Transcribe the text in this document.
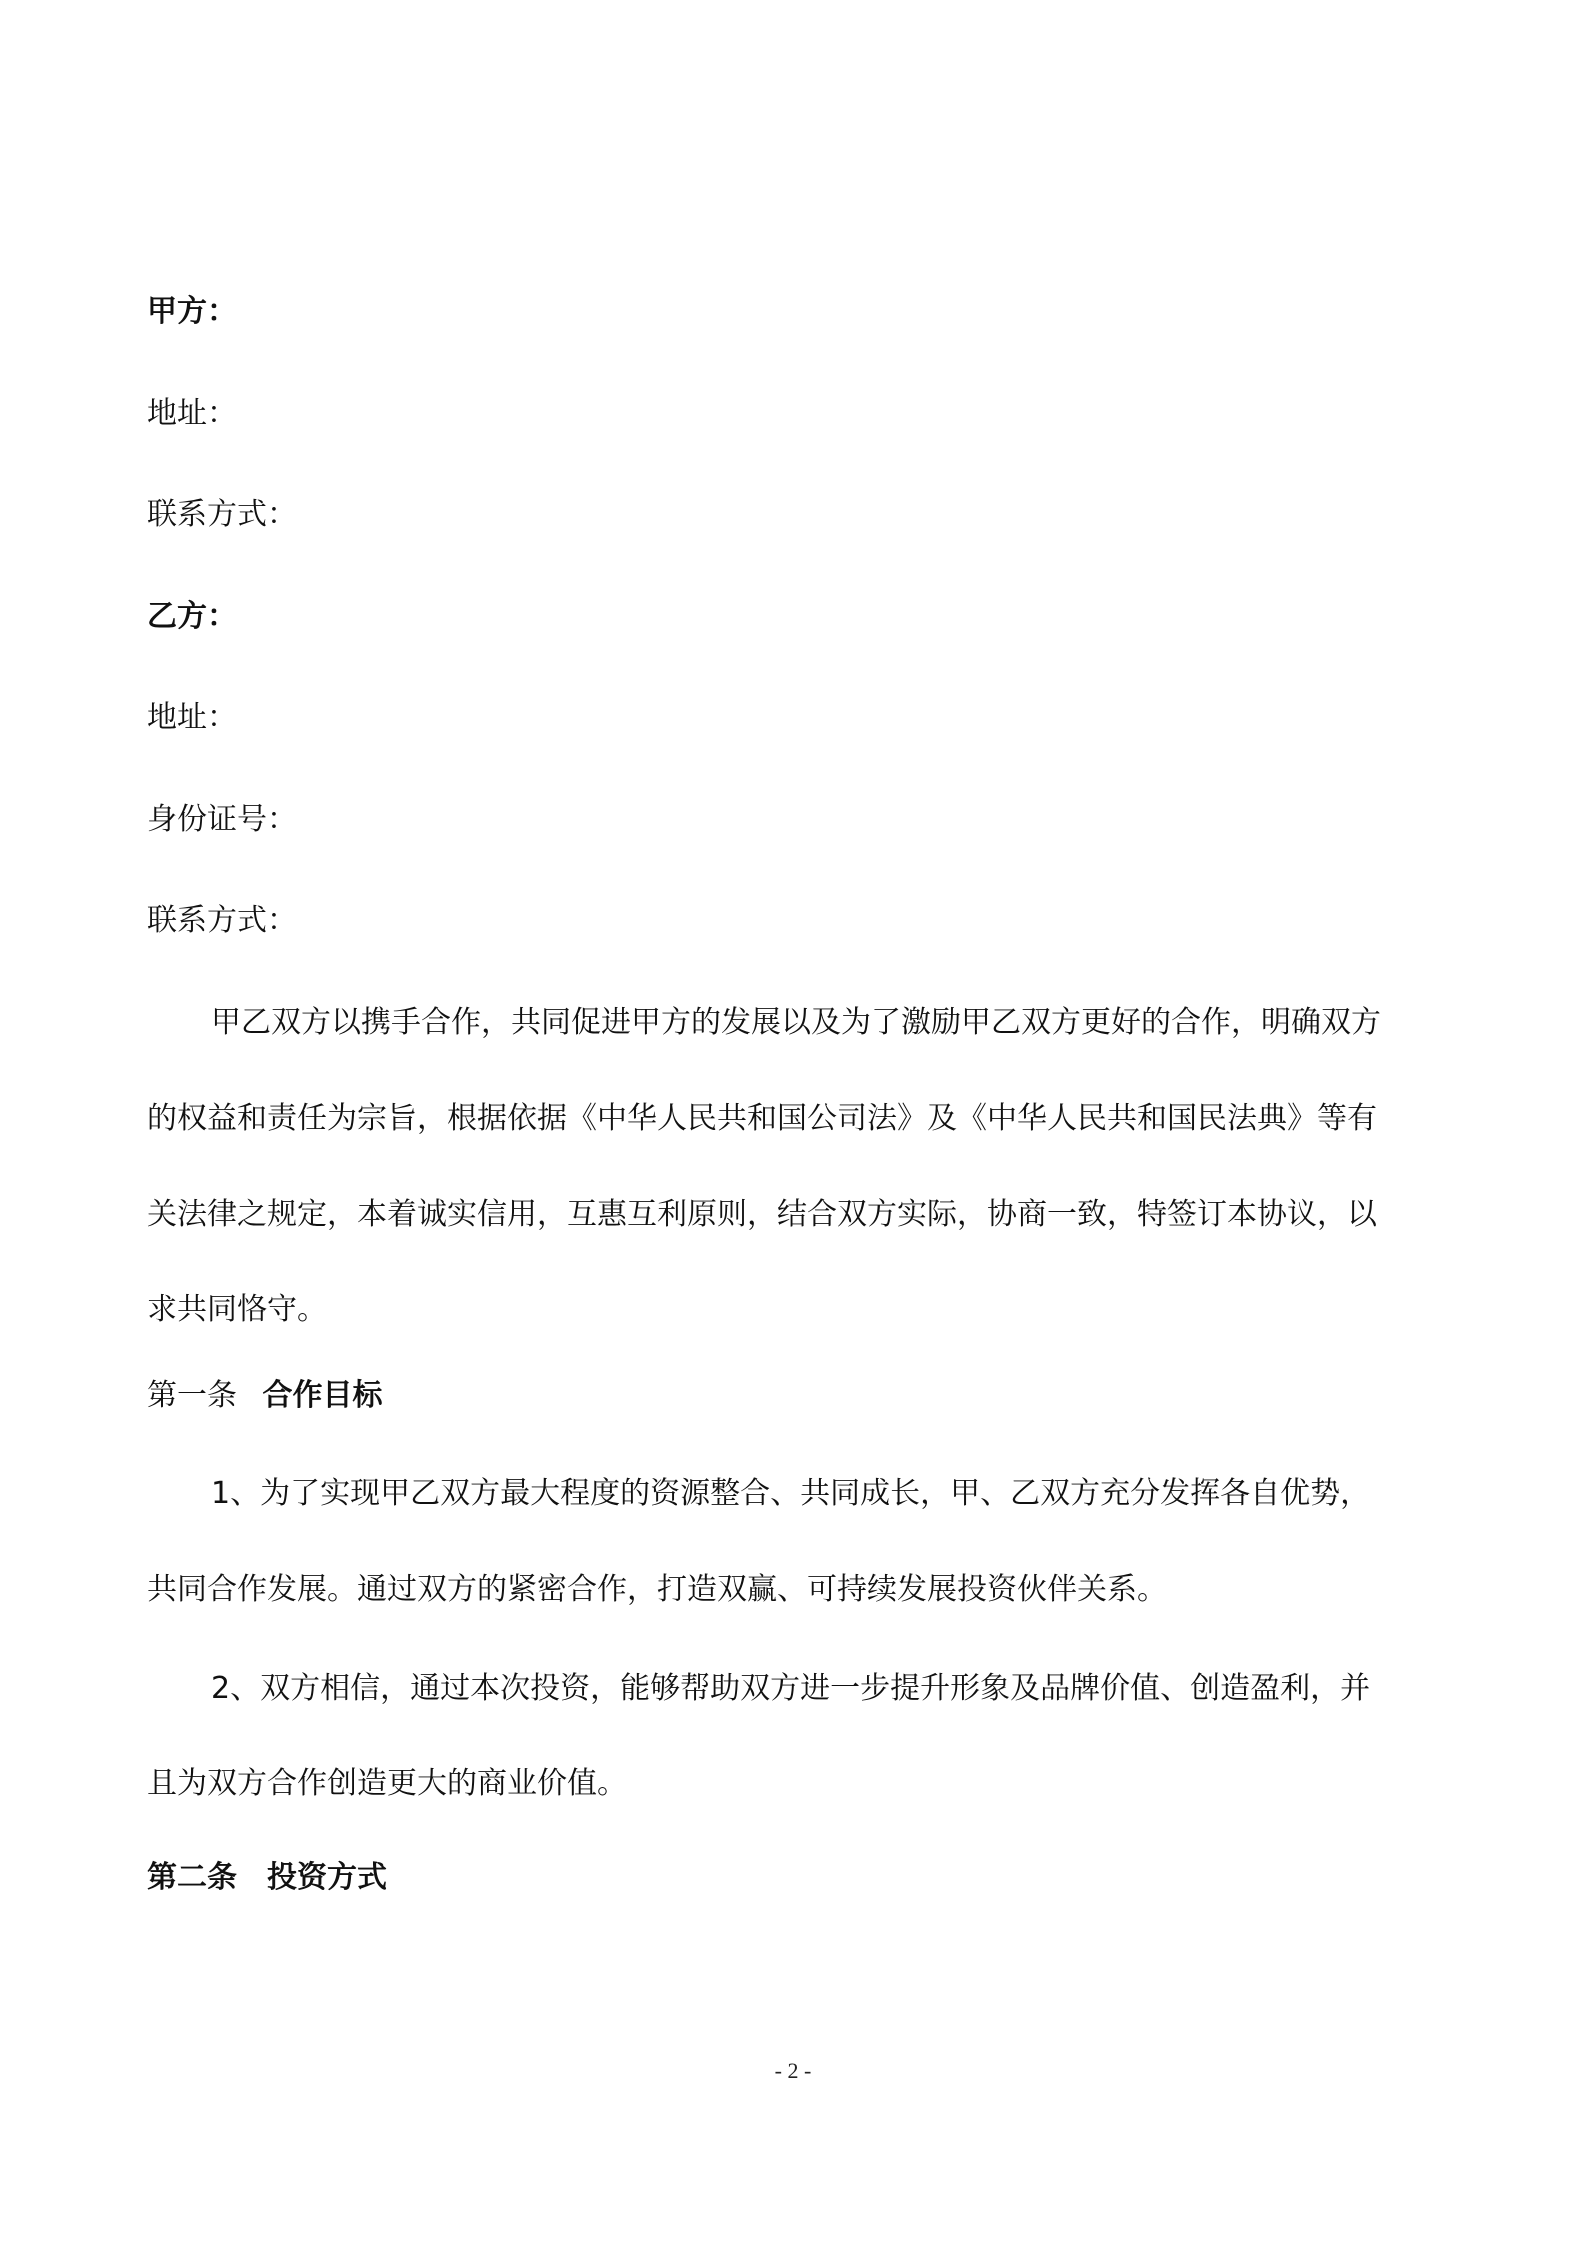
甲方：
地址：
联系方式：
乙方：
地址：
身份证号：
联系方式：
甲乙双方以携手合作，共同促进甲方的发展以及为了激励甲乙双方更好的合作，明确双方
的权益和责任为宗旨，根据依据《中华人民共和国公司法》及《中华人民共和国民法典》等有
关法律之规定，本着诚实信用，互惠互利原则，结合双方实际，协商一致，特签订本协议，以
求共同恪守。
第一条 合作目标
1、为了实现甲乙双方最大程度的资源整合、共同成长，甲、乙双方充分发挥各自优势，
共同合作发展。通过双方的紧密合作，打造双赢、可持续发展投资伙伴关系。
2、双方相信，通过本次投资，能够帮助双方进一步提升形象及品牌价值、创造盈利，并
且为双方合作创造更大的商业价值。
第二条　投资方式
- 2 -
